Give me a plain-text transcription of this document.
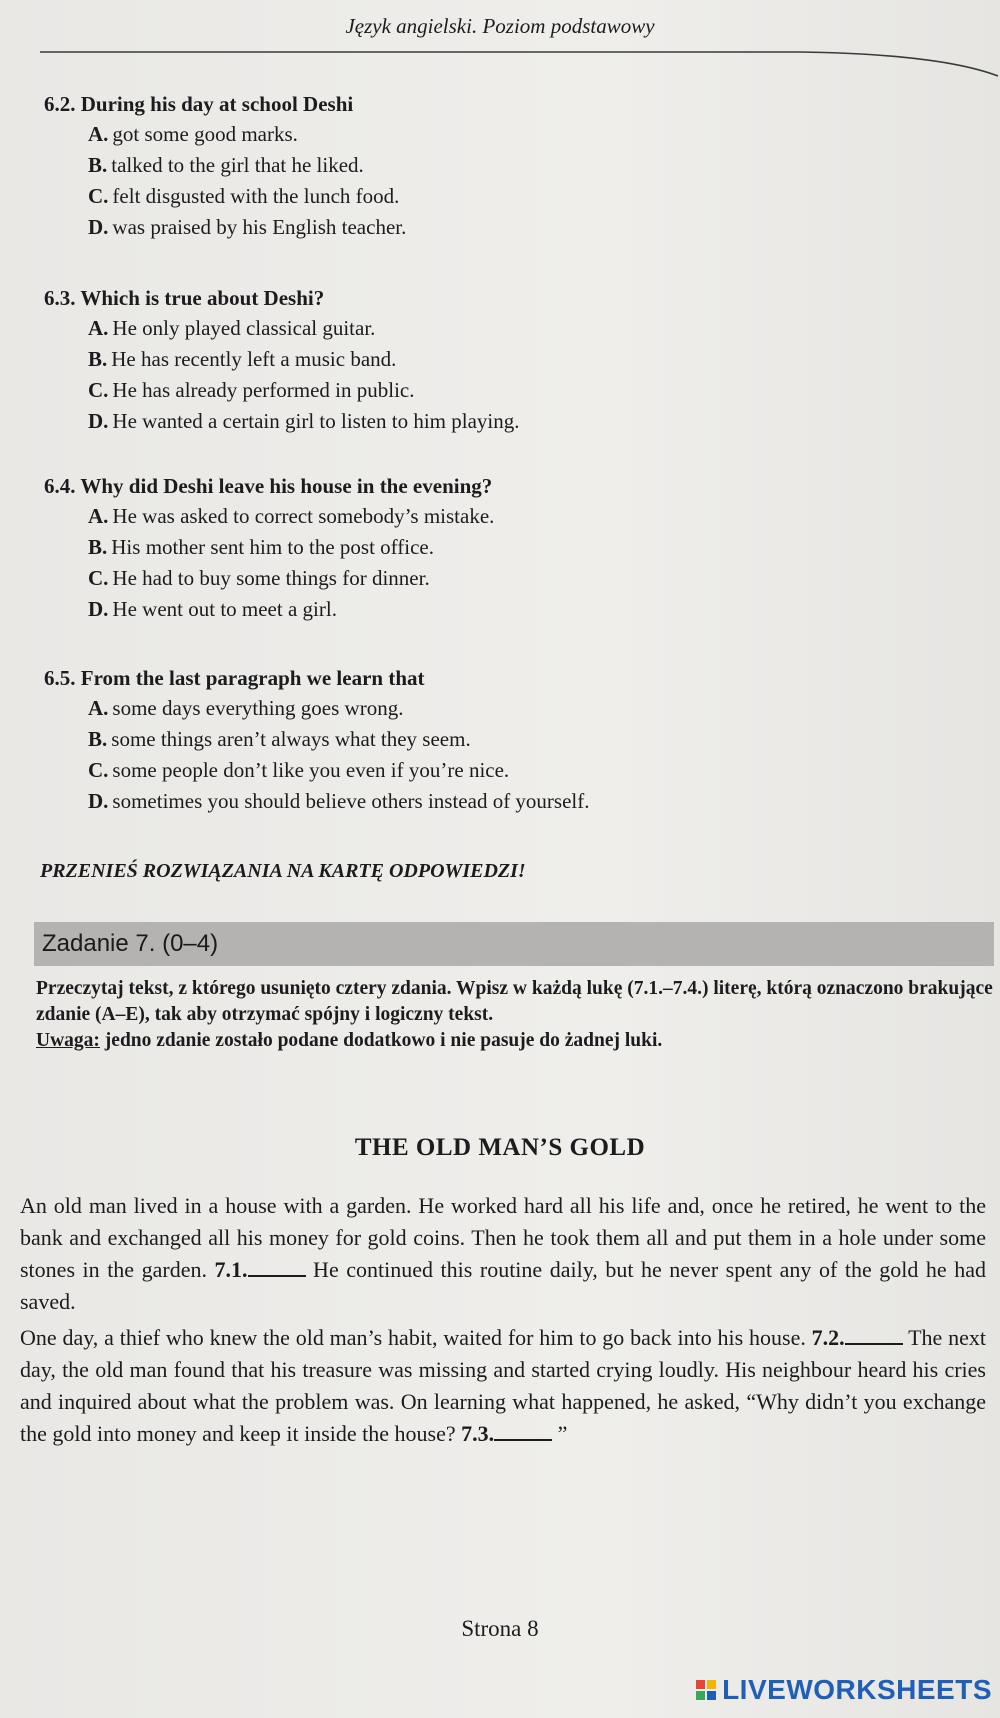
Język angielski. Poziom podstawowy
6.2. During his day at school Deshi
A. got some good marks.
B. talked to the girl that he liked.
C. felt disgusted with the lunch food.
D. was praised by his English teacher.
6.3. Which is true about Deshi?
A. He only played classical guitar.
B. He has recently left a music band.
C. He has already performed in public.
D. He wanted a certain girl to listen to him playing.
6.4. Why did Deshi leave his house in the evening?
A. He was asked to correct somebody’s mistake.
B. His mother sent him to the post office.
C. He had to buy some things for dinner.
D. He went out to meet a girl.
6.5. From the last paragraph we learn that
A. some days everything goes wrong.
B. some things aren’t always what they seem.
C. some people don’t like you even if you’re nice.
D. sometimes you should believe others instead of yourself.
PRZENIEŚ ROZWIĄZANIA NA KARTĘ ODPOWIEDZI!
Zadanie 7. (0–4)
Przeczytaj tekst, z którego usunięto cztery zdania. Wpisz w każdą lukę (7.1.–7.4.) literę, którą oznaczono brakujące zdanie (A–E), tak aby otrzymać spójny i logiczny tekst.
Uwaga: jedno zdanie zostało podane dodatkowo i nie pasuje do żadnej luki.
THE OLD MAN’S GOLD
An old man lived in a house with a garden. He worked hard all his life and, once he retired, he went to the bank and exchanged all his money for gold coins. Then he took them all and put them in a hole under some stones in the garden. 7.1.	He continued this routine daily, but he never spent any of the gold he had saved.
One day, a thief who knew the old man’s habit, waited for him to go back into his house. 7.2.	The next day, the old man found that his treasure was missing and started crying loudly. His neighbour heard his cries and inquired about what the problem was. On learning what happened, he asked, “Why didn’t you exchange the gold into money and keep it inside the house? 7.3.	”
Strona 8
LIVEWORKSHEETS
